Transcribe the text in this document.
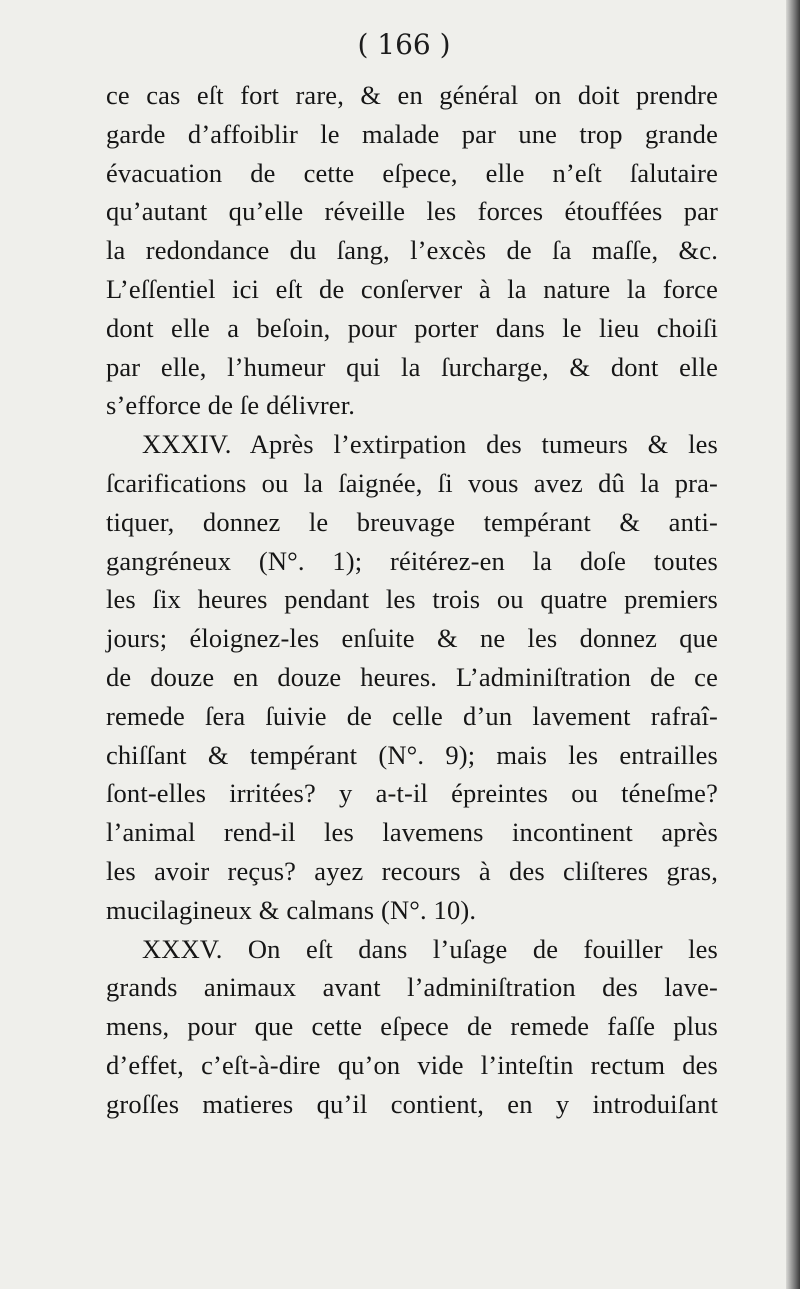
( 166 )
ce cas eſt fort rare, & en général on doit prendre
garde d’affoiblir le malade par une trop grande
évacuation de cette eſpece, elle n’eſt ſalutaire
qu’autant qu’elle réveille les forces étouffées par
la redondance du ſang, l’excès de ſa maſſe, &c.
L’eſſentiel ici eſt de conſerver à la nature la force
dont elle a beſoin, pour porter dans le lieu choiſi
par elle, l’humeur qui la ſurcharge, & dont elle
s’efforce de ſe délivrer.
XXXIV. Après l’extirpation des tumeurs & les
ſcarifications ou la ſaignée, ſi vous avez dû la pra-
tiquer, donnez le breuvage tempérant & anti-
gangréneux (N°. 1); réitérez-en la doſe toutes
les ſix heures pendant les trois ou quatre premiers
jours; éloignez-les enſuite & ne les donnez que
de douze en douze heures. L’adminiſtration de ce
remede ſera ſuivie de celle d’un lavement rafraî-
chiſſant & tempérant (N°. 9); mais les entrailles
ſont-elles irritées? y a-t-il épreintes ou téneſme?
l’animal rend-il les lavemens incontinent après
les avoir reçus? ayez recours à des cliſteres gras,
mucilagineux & calmans (N°. 10).
XXXV. On eſt dans l’uſage de fouiller les
grands animaux avant l’adminiſtration des lave-
mens, pour que cette eſpece de remede faſſe plus
d’effet, c’eſt-à-dire qu’on vide l’inteſtin rectum des
groſſes matieres qu’il contient, en y introduiſant
